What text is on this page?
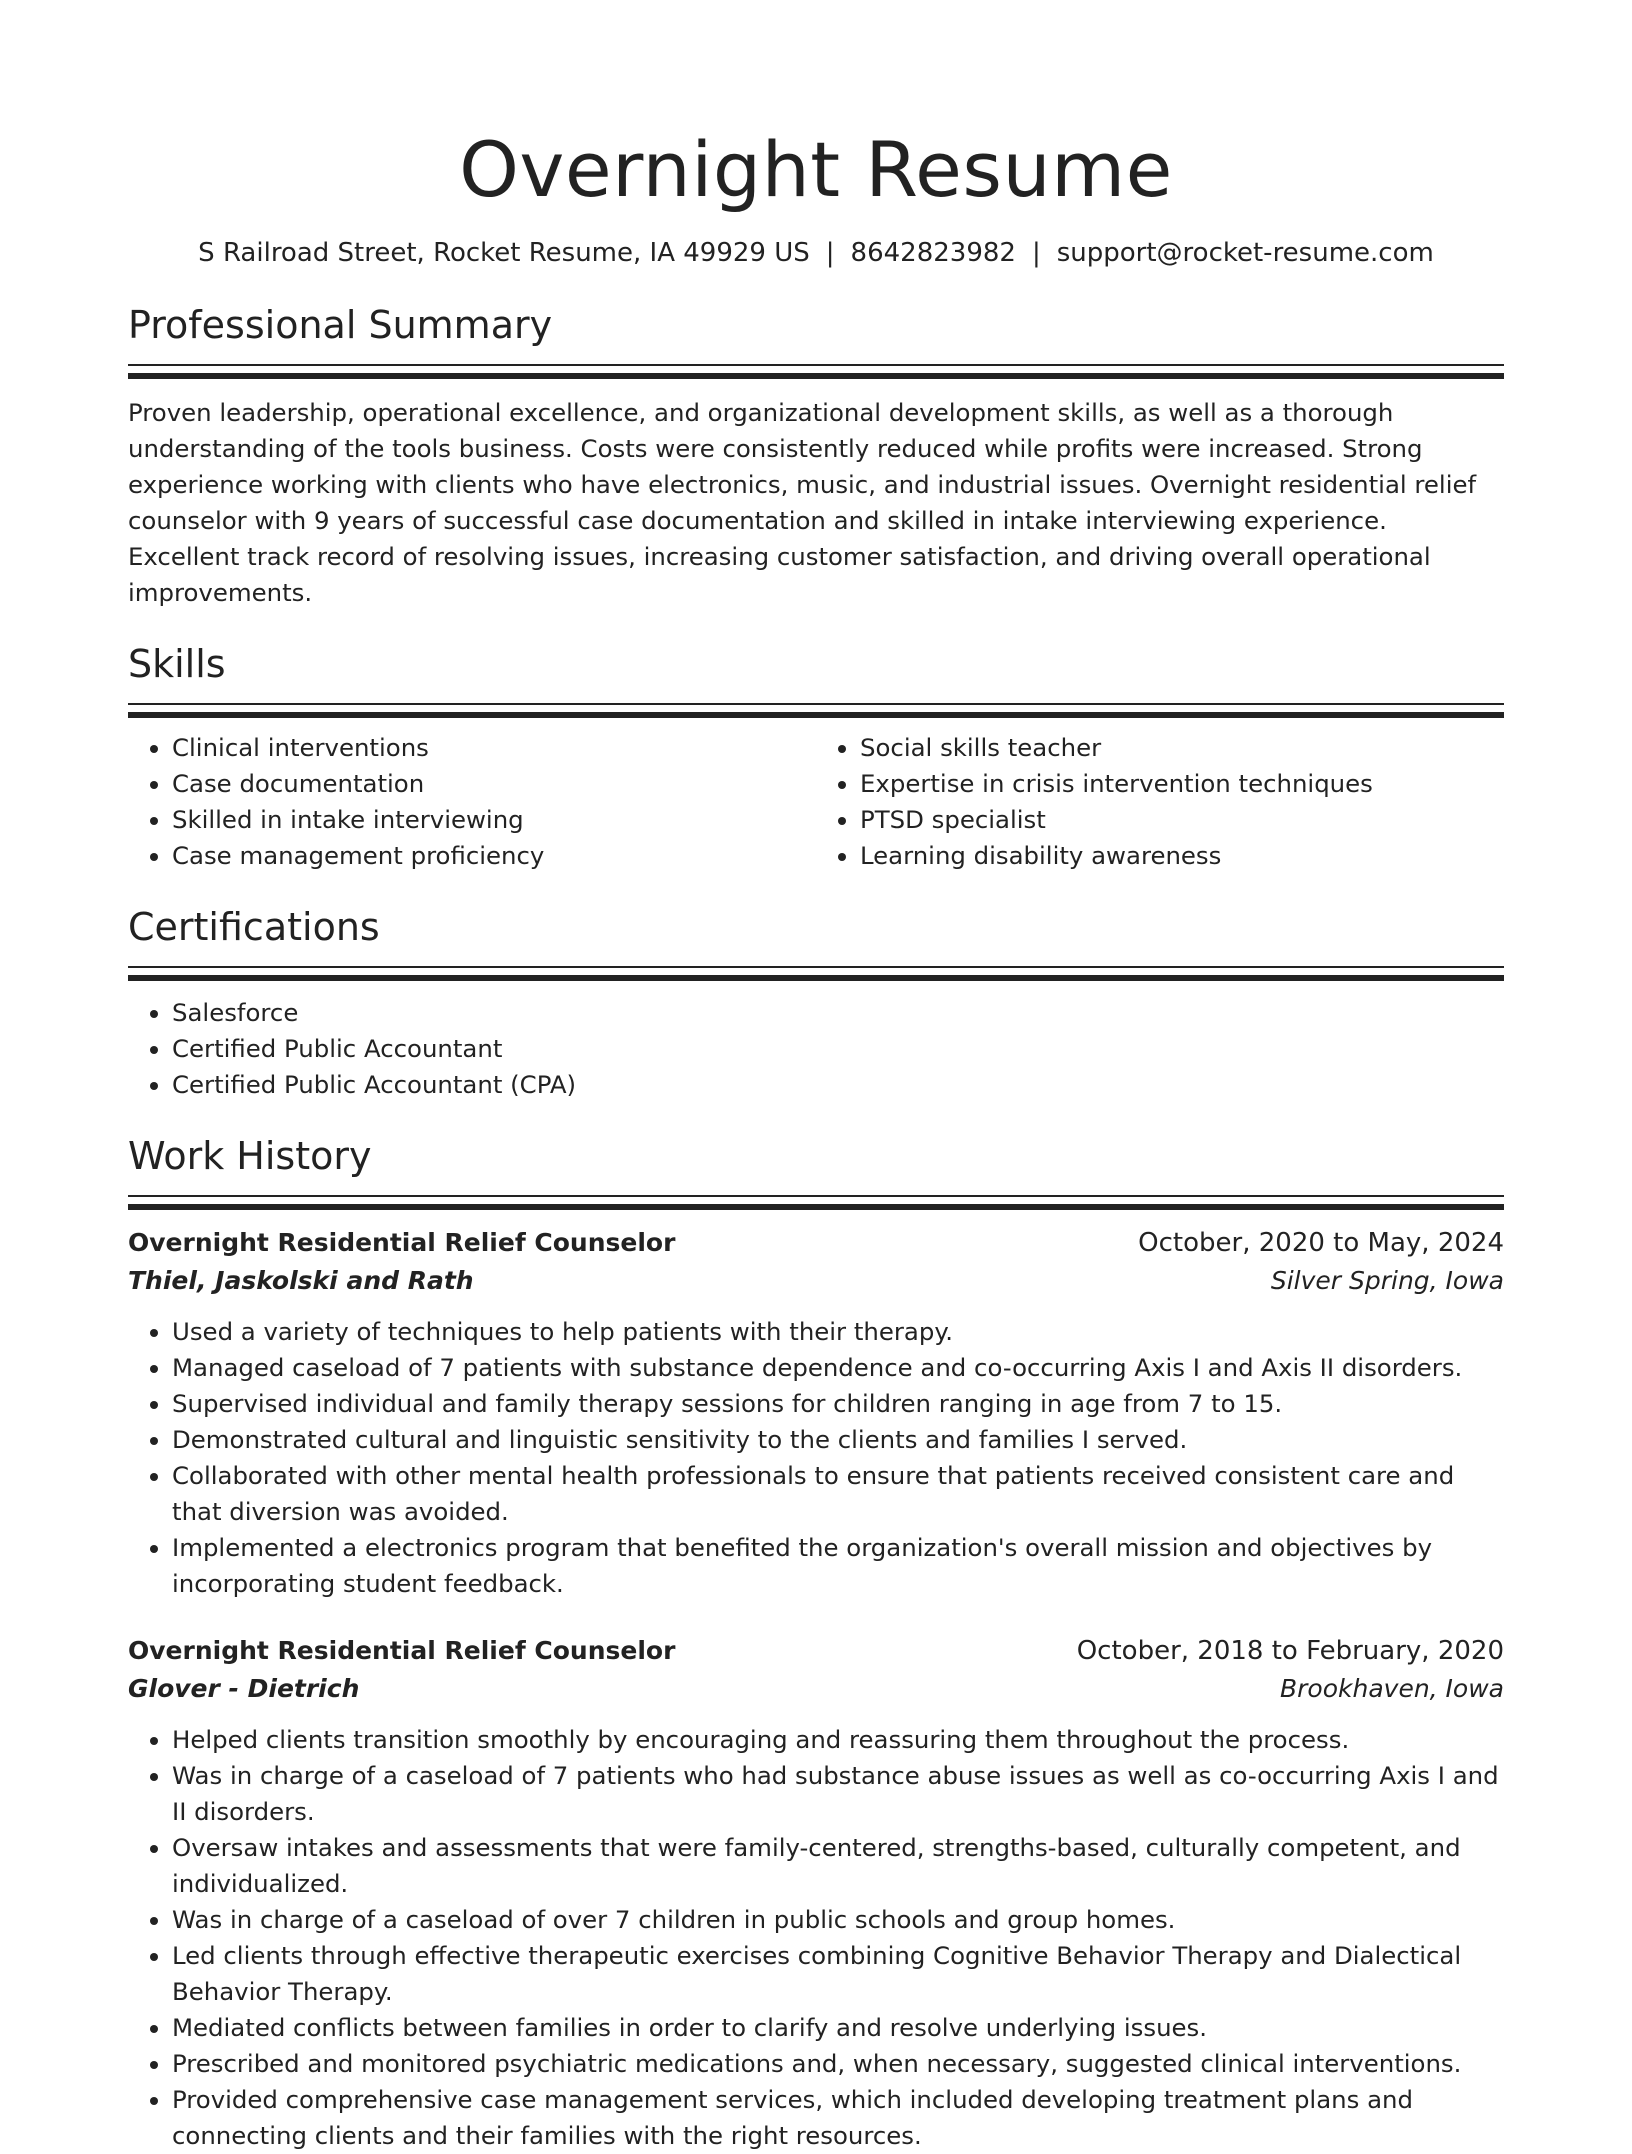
Overnight Resume
S Railroad Street, Rocket Resume, IA 49929 US | 8642823982 | support@rocket-resume.com
Professional Summary

Proven leadership, operational excellence, and organizational development skills, as well as a thorough understanding of the tools business. Costs were consistently reduced while profits were increased. Strong experience working with clients who have electronics, music, and industrial issues. Overnight residential relief counselor with 9 years of successful case documentation and skilled in intake interviewing experience. Excellent track record of resolving issues, increasing customer satisfaction, and driving overall operational improvements.

Skills
• Clinical interventions
• Case documentation
• Skilled in intake interviewing
• Case management proficiency
• Social skills teacher
• Expertise in crisis intervention techniques
• PTSD specialist
• Learning disability awareness
Certifications
• Salesforce
• Certified Public Accountant
• Certified Public Accountant (CPA)
Work History
Overnight Residential Relief Counselor	October, 2020 to May, 2024
Thiel, Jaskolski and Rath	Silver Spring, Iowa
• Used a variety of techniques to help patients with their therapy.
• Managed caseload of 7 patients with substance dependence and co-occurring Axis I and Axis II disorders.
• Supervised individual and family therapy sessions for children ranging in age from 7 to 15.
• Demonstrated cultural and linguistic sensitivity to the clients and families I served.
• Collaborated with other mental health professionals to ensure that patients received consistent care and that diversion was avoided.
• Implemented a electronics program that benefited the organization's overall mission and objectives by incorporating student feedback.
Overnight Residential Relief Counselor	October, 2018 to February, 2020
Glover - Dietrich	Brookhaven, Iowa
• Helped clients transition smoothly by encouraging and reassuring them throughout the process.
• Was in charge of a caseload of 7 patients who had substance abuse issues as well as co-occurring Axis I and II disorders.
• Oversaw intakes and assessments that were family-centered, strengths-based, culturally competent, and individualized.
• Was in charge of a caseload of over 7 children in public schools and group homes.
• Led clients through effective therapeutic exercises combining Cognitive Behavior Therapy and Dialectical Behavior Therapy.
• Mediated conflicts between families in order to clarify and resolve underlying issues.
• Prescribed and monitored psychiatric medications and, when necessary, suggested clinical interventions.
• Provided comprehensive case management services, which included developing treatment plans and connecting clients and their families with the right resources.
